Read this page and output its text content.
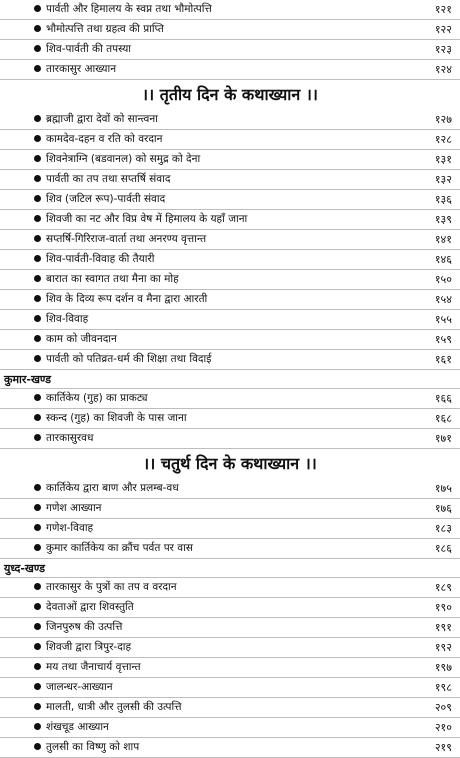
पार्वती और हिमालय के स्वप्न तथा भौमोत्पत्ति	१२१
भौमोत्पत्ति तथा ग्रहत्व की प्राप्ति	१२२
शिव-पार्वती की तपस्या	१२३
तारकासुर आख्यान	१२४
।। तृतीय दिन के कथाख्यान ।।
ब्रह्माजी द्वारा देवों को सान्त्वना	१२७
कामदेव-दहन व रति को वरदान	१२८
शिवनेत्राग्नि (बडवानल) को समुद्र को देना	१३१
पार्वती का तप तथा सप्तर्षि संवाद	१३२
शिव (जटिल रूप)-पार्वती संवाद	१३६
शिवजी का नट और विप्र वेष में हिमालय के यहाँ जाना	१३९
सप्तर्षि-गिरिराज-वार्ता तथा अनरण्य वृत्तान्त	१४१
शिव-पार्वती-विवाह की तैयारी	१४६
बारात का स्वागत तथा मैना का मोह	१५०
शिव के दिव्य रूप दर्शन व मैना द्वारा आरती	१५४
शिव-विवाह	१५५
काम को जीवनदान	१५९
पार्वती को पतिव्रत-धर्म की शिक्षा तथा विदाई	१६१
कुमार-खण्ड
कार्तिकेय (गुह) का प्राकट्य	१६६
स्कन्द (गुह) का शिवजी के पास जाना	१६८
तारकासुरवध	१७१
।। चतुर्थ दिन के कथाख्यान ।।
कार्तिकेय द्वारा बाण और प्रलम्ब-वध	१७५
गणेश आख्यान	१७६
गणेश-विवाह	१८३
कुमार कार्तिकेय का क्रौंच पर्वत पर वास	१८६
युध्द-खण्ड
तारकासुर के पुत्रों का तप व वरदान	१८९
देवताओं द्वारा शिवस्तुति	१९०
जिनपुरुष की उत्पत्ति	१९१
शिवजी द्वारा त्रिपुर-दाह	१९२
मय तथा जैनाचार्य वृत्तान्त	१९७
जालन्धर-आख्यान	१९८
मालती, धात्री और तुलसी की उत्पत्ति	२०९
शंखचूड आख्यान	२१०
तुलसी का विष्णु को शाप	२१९
